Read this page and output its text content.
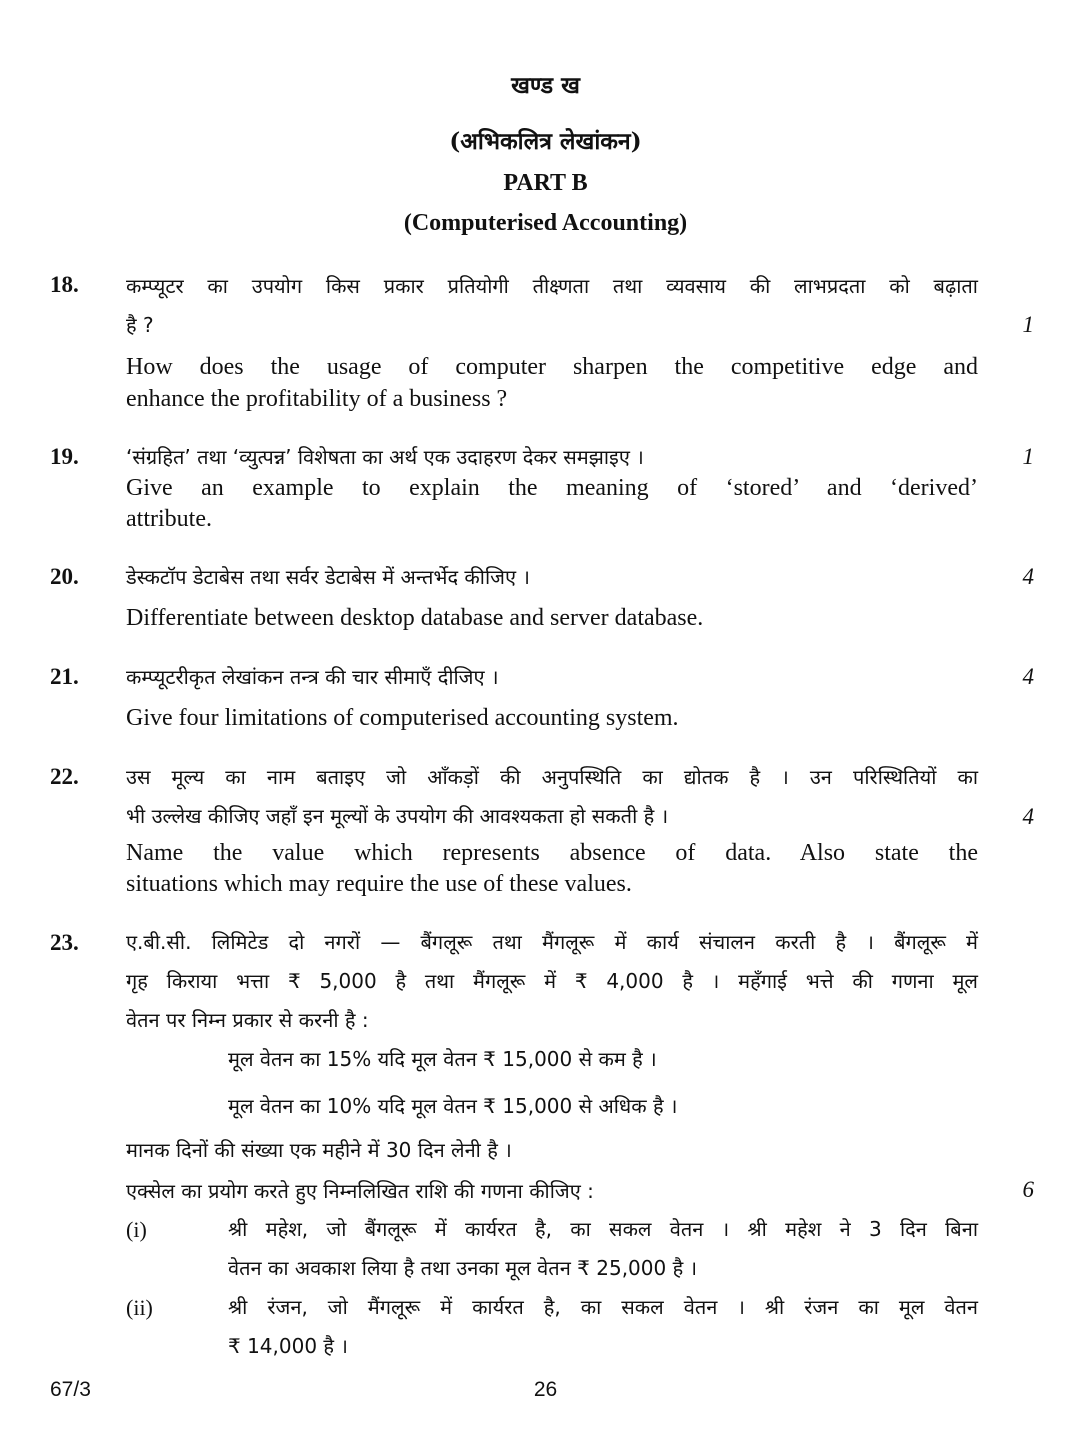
खण्ड ख
(अभिकलित्र लेखांकन)
PART B
(Computerised Accounting)
18. कम्प्यूटर का उपयोग किस प्रकार प्रतियोगी तीक्ष्णता तथा व्यवसाय की लाभप्रदता को बढ़ाता
है ?	1
How does the usage of computer sharpen the competitive edge and
enhance the profitability of a business ?
19. ‘संग्रहित’ तथा ‘व्युत्पन्न’ विशेषता का अर्थ एक उदाहरण देकर समझाइए ।	1
Give an example to explain the meaning of ‘stored’ and ‘derived’
attribute.
20. डेस्कटॉप डेटाबेस तथा सर्वर डेटाबेस में अन्तर्भेद कीजिए ।	4
Differentiate between desktop database and server database.
21. कम्प्यूटरीकृत लेखांकन तन्त्र की चार सीमाएँ दीजिए ।	4
Give four limitations of computerised accounting system.
22. उस मूल्य का नाम बताइए जो आँकड़ों की अनुपस्थिति का द्योतक है । उन परिस्थितियों का
भी उल्लेख कीजिए जहाँ इन मूल्यों के उपयोग की आवश्यकता हो सकती है ।	4
Name the value which represents absence of data. Also state the
situations which may require the use of these values.
23. ए.बी.सी. लिमिटेड दो नगरों — बैंगलूरू तथा मैंगलूरू में कार्य संचालन करती है । बैंगलूरू में
गृह किराया भत्ता ₹ 5,000 है तथा मैंगलूरू में ₹ 4,000 है । महँगाई भत्ते की गणना मूल
वेतन पर निम्न प्रकार से करनी है :
मूल वेतन का 15% यदि मूल वेतन ₹ 15,000 से कम है ।
मूल वेतन का 10% यदि मूल वेतन ₹ 15,000 से अधिक है ।
मानक दिनों की संख्या एक महीने में 30 दिन लेनी है ।
एक्सेल का प्रयोग करते हुए निम्नलिखित राशि की गणना कीजिए :	6
(i)	श्री महेश, जो बैंगलूरू में कार्यरत है, का सकल वेतन । श्री महेश ने 3 दिन बिना
वेतन का अवकाश लिया है तथा उनका मूल वेतन ₹ 25,000 है ।
(ii)	श्री रंजन, जो मैंगलूरू में कार्यरत है, का सकल वेतन । श्री रंजन का मूल वेतन
₹ 14,000 है ।
67/3	26
